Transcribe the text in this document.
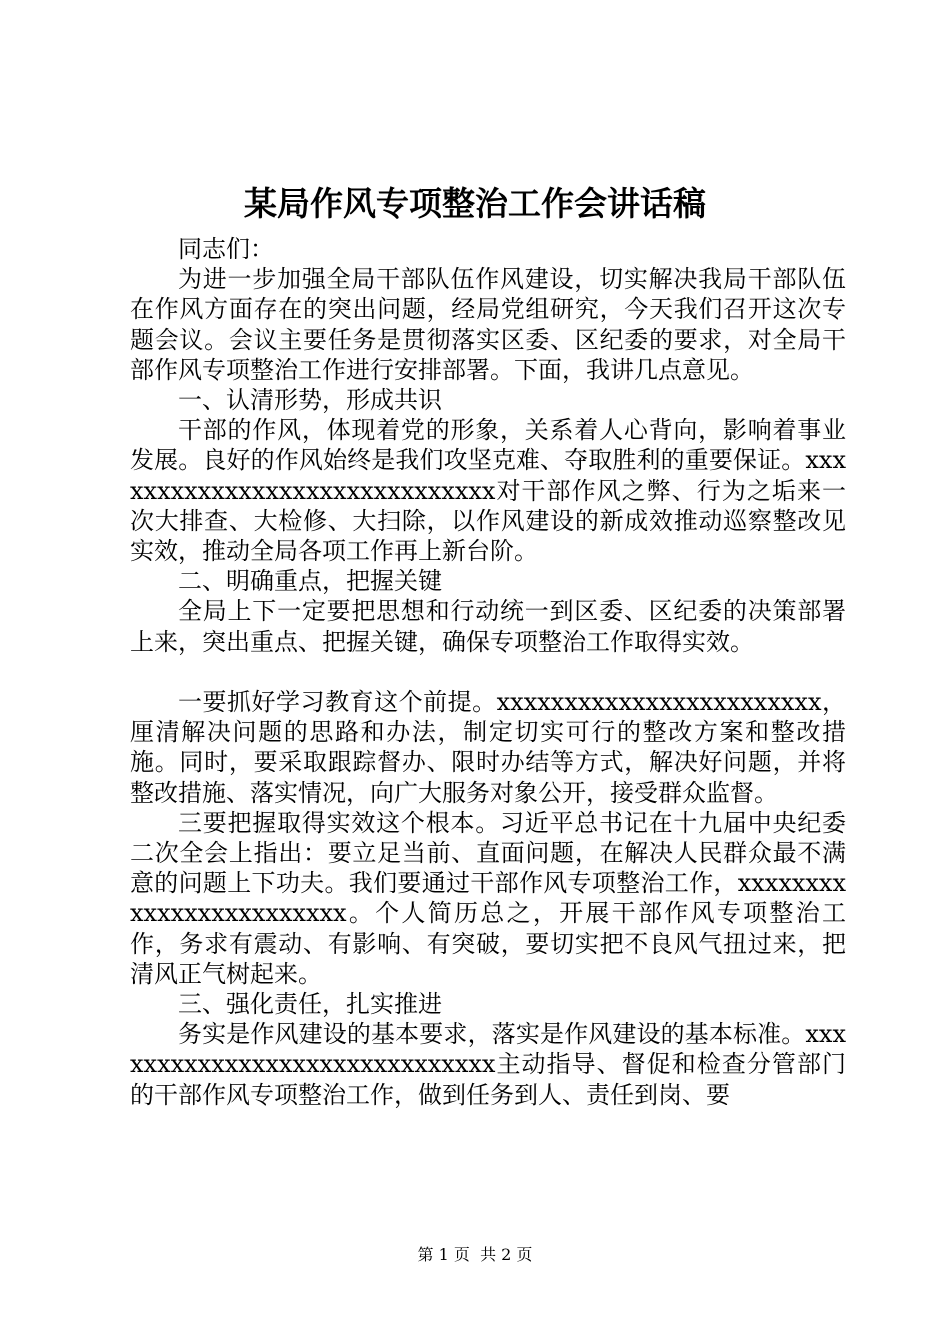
某局作风专项整治工作会讲话稿

同志们：

为进一步加强全局干部队伍作风建设，切实解决我局干部队伍在作风方面存在的突出问题，经局党组研究，今天我们召开这次专题会议。会议主要任务是贯彻落实区委、区纪委的要求，对全局干部作风专项整治工作进行安排部署。下面，我讲几点意见。

一、认清形势，形成共识

干部的作风，体现着党的形象，关系着人心背向，影响着事业发展。良好的作风始终是我们攻坚克难、夺取胜利的重要保证。xxxxxxxxxxxxxxxxxxxxxxxxxxxxxx对干部作风之弊、行为之垢来一次大排查、大检修、大扫除，以作风建设的新成效推动巡察整改见实效，推动全局各项工作再上新台阶。

二、明确重点，把握关键

全局上下一定要把思想和行动统一到区委、区纪委的决策部署上来，突出重点、把握关键，确保专项整治工作取得实效。

一要抓好学习教育这个前提。xxxxxxxxxxxxxxxxxxxxxxxx，厘清解决问题的思路和办法，制定切实可行的整改方案和整改措施。同时，要采取跟踪督办、限时办结等方式，解决好问题，并将整改措施、落实情况，向广大服务对象公开，接受群众监督。

三要把握取得实效这个根本。习近平总书记在十九届中央纪委二次全会上指出：要立足当前、直面问题，在解决人民群众最不满意的问题上下功夫。我们要通过干部作风专项整治工作，xxxxxxxxxxxxxxxxxxxxxxxx。个人简历总之，开展干部作风专项整治工作，务求有震动、有影响、有突破，要切实把不良风气扭过来，把清风正气树起来。

三、强化责任，扎实推进

务实是作风建设的基本要求，落实是作风建设的基本标准。xxxxxxxxxxxxxxxxxxxxxxxxxxxxxx主动指导、督促和检查分管部门的干部作风专项整治工作，做到任务到人、责任到岗、要

第 1 页  共 2 页
